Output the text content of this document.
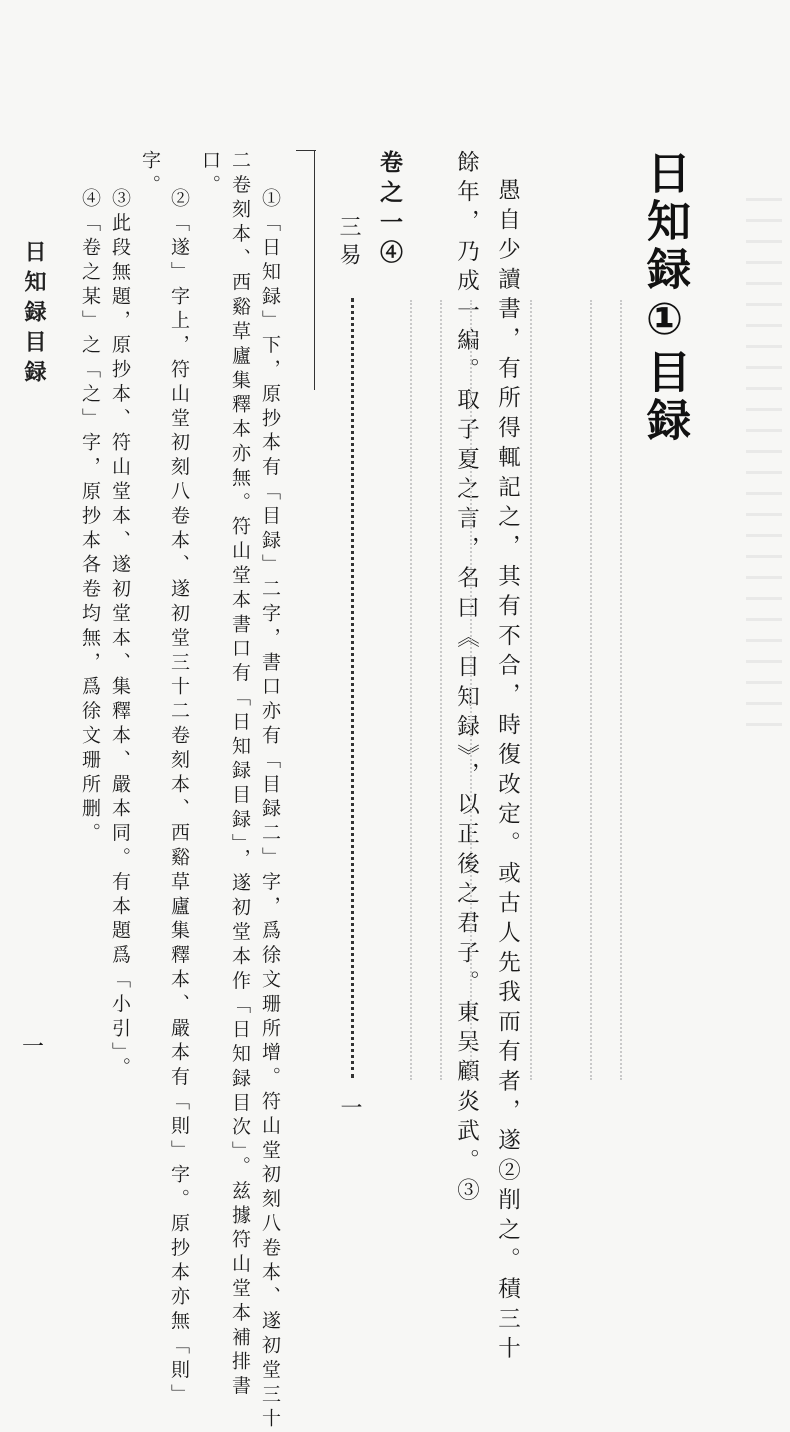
日知録①目録
愚自少讀書，有所得輒記之，其有不合，時復改定。或古人先我而有者，遂②削之。積三十
餘年，乃成一編。取子夏之言，名曰《日知録》，以正後之君子。東吴顧炎武。③
卷之一④
三易
一
①「日知録」下，原抄本有「目録」二字，書口亦有「目録二」字，爲徐文珊所增。符山堂初刻八卷本、遂初堂三十
二卷刻本、西谿草廬集釋本亦無。符山堂本書口有「日知録目録」，遂初堂本作「日知録目次」。兹據符山堂本補排書
口。
②「遂」字上，符山堂初刻八卷本、遂初堂三十二卷刻本、西谿草廬集釋本、嚴本有「則」字。原抄本亦無「則」
字。
③此段無題，原抄本、符山堂本、遂初堂本、集釋本、嚴本同。有本題爲「小引」。
④「卷之某」之「之」字，原抄本各卷均無，爲徐文珊所删。
日知録目録
一
